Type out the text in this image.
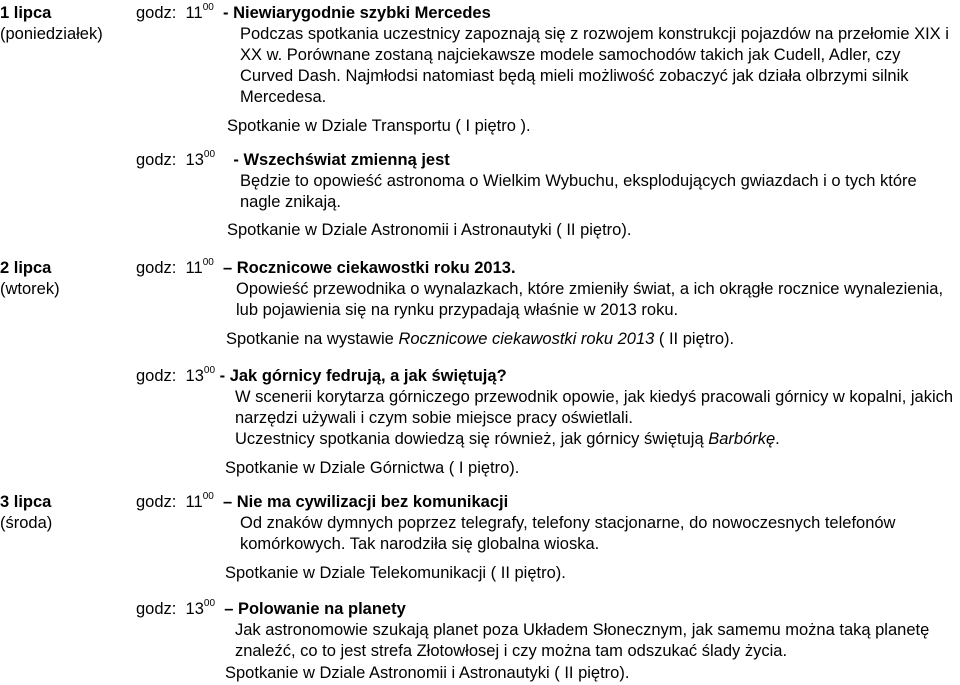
1 lipca
(poniedziałek)
2 lipca
(wtorek)
3 lipca
(środa)
godz: $11^{00}$ - Niewiarygodnie szybki Mercedes
Podczas spotkania uczestnicy zapoznają się z rozwojem konstrukcji pojazdów na przełomie XIX i XX w. Porównane zostaną najciekawsze modele samochodów takich jak Cudell, Adler, czy Curved Dash. Najmłodsi natomiast będą mieli możliwość zobaczyć jak działa olbrzymi silnik Mercedesa.
Spotkanie w Dziale Transportu ( I piętro ).
godz: $13^{00}$ - Wszechświat zmienną jest
Będzie to opowieść astronoma o Wielkim Wybuchu, eksplodujących gwiazdach i o tych które nagle znikają.
Spotkanie w Dziale Astronomii i Astronautyki ( II piętro).
godz: $11^{00}$ – Rocznicowe ciekawostki roku 2013.
Opowieść przewodnika o wynalazkach, które zmieniły świat, a ich okrągłe rocznice wynalezienia, lub pojawienia się na rynku przypadają właśnie w 2013 roku.
Spotkanie na wystawie Rocznicowe ciekawostki roku 2013 ( II piętro).
godz: $13^{00}$ - Jak górnicy fedrują, a jak świętują?
W scenerii korytarza górniczego przewodnik opowie, jak kiedyś pracowali górnicy w kopalni, jakich narzędzi używali i czym sobie miejsce pracy oświetlali.
Uczestnicy spotkania dowiedzą się również, jak górnicy świętują Barbórkę.
Spotkanie w Dziale Górnictwa ( I piętro).
godz: $11^{00}$ – Nie ma cywilizacji bez komunikacji
Od znaków dymnych poprzez telegrafy, telefony stacjonarne, do nowoczesnych telefonów komórkowych. Tak narodziła się globalna wioska.
Spotkanie w Dziale Telekomunikacji ( II piętro).
godz: $13^{00}$ – Polowanie na planety
Jak astronomowie szukają planet poza Układem Słonecznym, jak samemu można taką planetę znaleźć, co to jest strefa Złotowłosej i czy można tam odszukać ślady życia.
Spotkanie w Dziale Astronomii i Astronautyki ( II piętro).
